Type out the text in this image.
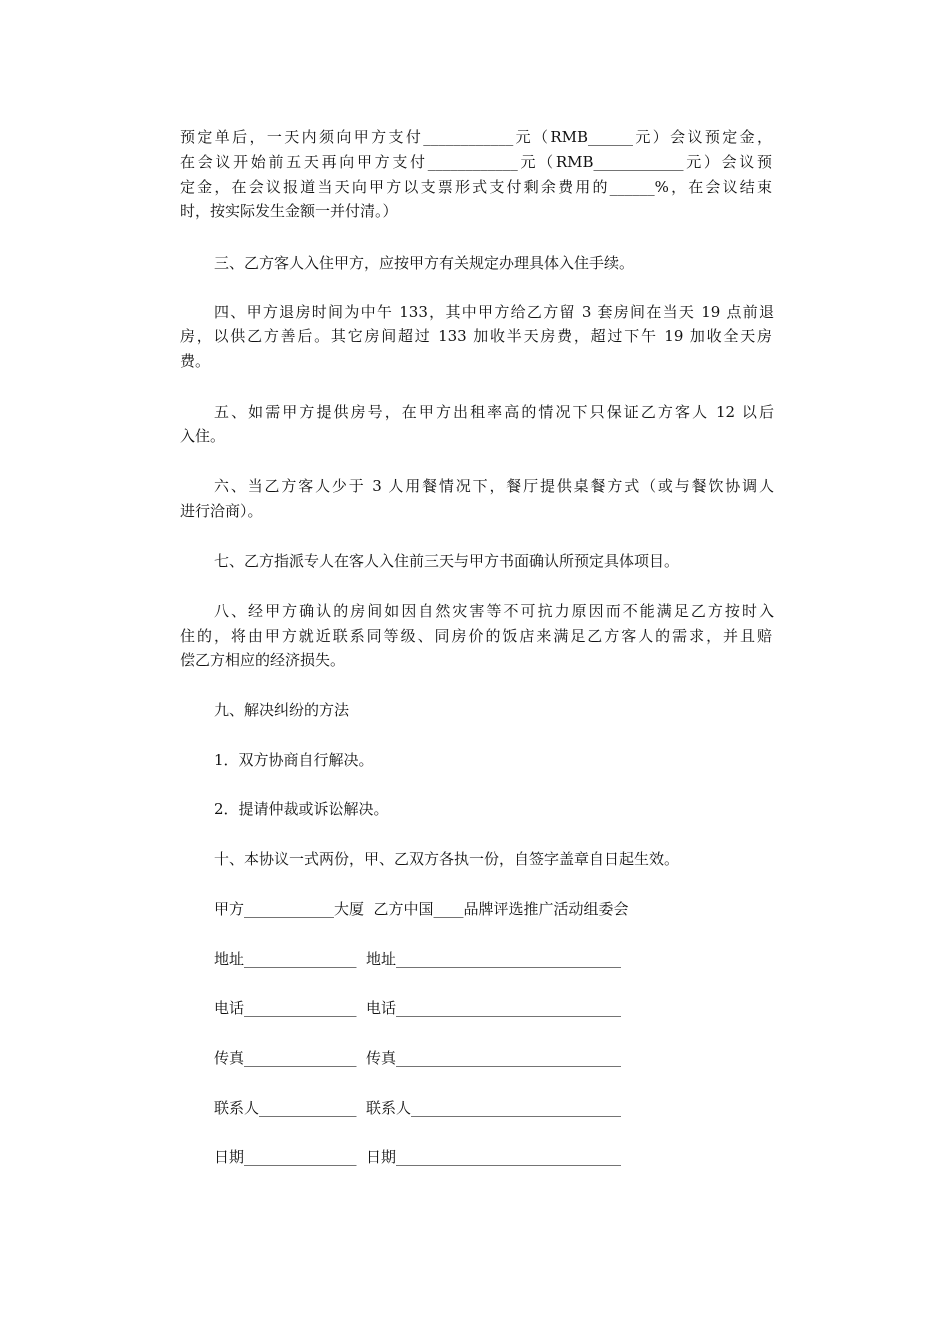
预定单后，一天内须向甲方支付____________元（RMB______元）会议预定金，
在会议开始前五天再向甲方支付____________元（RMB____________元）会议预
定金，在会议报道当天向甲方以支票形式支付剩余费用的______%，在会议结束
时，按实际发生金额一并付清。）
三、乙方客人入住甲方，应按甲方有关规定办理具体入住手续。
四、甲方退房时间为中午 133，其中甲方给乙方留 3 套房间在当天 19 点前退
房，以供乙方善后。其它房间超过 133 加收半天房费，超过下午 19 加收全天房
费。
五、如需甲方提供房号，在甲方出租率高的情况下只保证乙方客人 12 以后
入住。
六、当乙方客人少于 3 人用餐情况下，餐厅提供桌餐方式（或与餐饮协调人
进行洽商）。
七、乙方指派专人在客人入住前三天与甲方书面确认所预定具体项目。
八、经甲方确认的房间如因自然灾害等不可抗力原因而不能满足乙方按时入
住的，将由甲方就近联系同等级、同房价的饭店来满足乙方客人的需求，并且赔
偿乙方相应的经济损失。
九、解决纠纷的方法
1．双方协商自行解决。
2．提请仲裁或诉讼解决。
十、本协议一式两份，甲、乙双方各执一份，自签字盖章自日起生效。
甲方____________大厦  乙方中国____品牌评选推广活动组委会
地址_______________  地址______________________________
电话_______________  电话______________________________
传真_______________  传真______________________________
联系人_____________  联系人____________________________
日期_______________  日期______________________________
